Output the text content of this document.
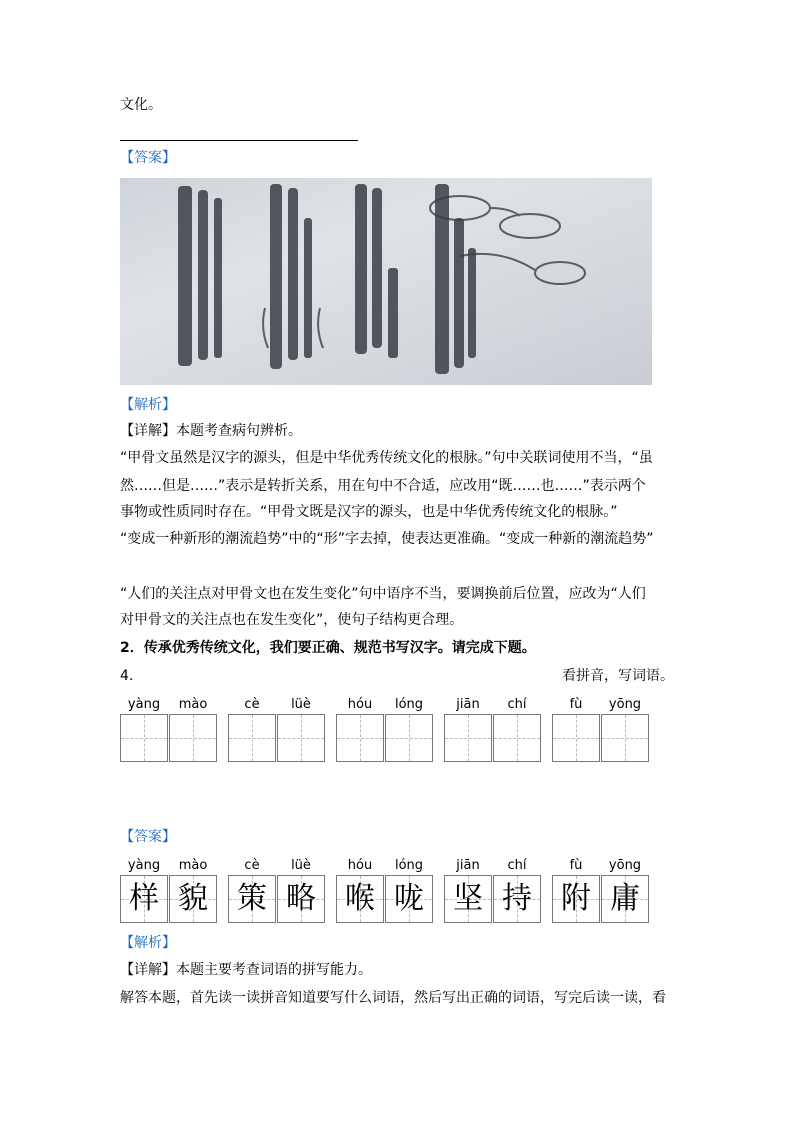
文化。
【答案】
【解析】
【详解】本题考查病句辨析。
“甲骨文虽然是汉字的源头，但是中华优秀传统文化的根脉。”句中关联词使用不当，“虽
然……但是……”表示是转折关系，用在句中不合适，应改用“既……也……”表示两个
事物或性质同时存在。“甲骨文既是汉字的源头，也是中华优秀传统文化的根脉。”
“变成一种新形的潮流趋势”中的“形”字去掉，使表达更准确。“变成一种新的潮流趋势”
“人们的关注点对甲骨文也在发生变化”句中语序不当，要调换前后位置，应改为“人们
对甲骨文的关注点也在发生变化”，使句子结构更合理。
2．传承优秀传统文化，我们要正确、规范书写汉字。请完成下题。
4.	看拼音，写词语。
yàng	mào	cè	lüè	hóu	lóng	jiān	chí	fù	yōng
【答案】
yàng	mào
样 貌
cè	lüè
策 略
hóu	lóng
喉 咙
jiān	chí
坚 持
fù	yōng
附 庸
【解析】
【详解】本题主要考查词语的拼写能力。
解答本题，首先读一读拼音知道要写什么词语，然后写出正确的词语，写完后读一读，看
